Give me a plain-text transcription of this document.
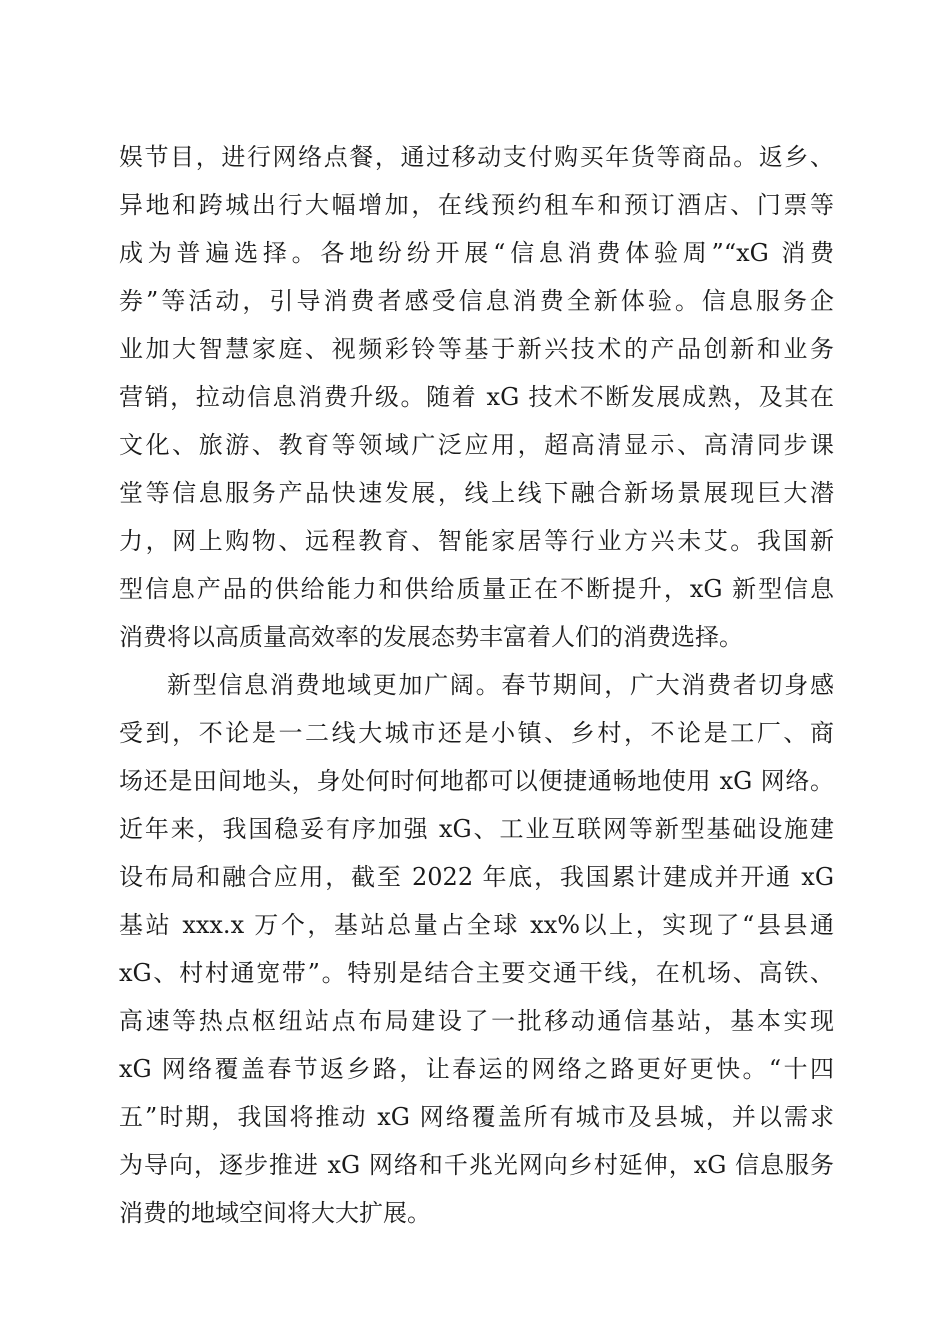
娱节目，进行网络点餐，通过移动支付购买年货等商品。返乡、
异地和跨城出行大幅增加，在线预约租车和预订酒店、门票等
成为普遍选择。各地纷纷开展“信息消费体验周”“xG 消费
券”等活动，引导消费者感受信息消费全新体验。信息服务企
业加大智慧家庭、视频彩铃等基于新兴技术的产品创新和业务
营销，拉动信息消费升级。随着 xG 技术不断发展成熟，及其在
文化、旅游、教育等领域广泛应用，超高清显示、高清同步课
堂等信息服务产品快速发展，线上线下融合新场景展现巨大潜
力，网上购物、远程教育、智能家居等行业方兴未艾。我国新
型信息产品的供给能力和供给质量正在不断提升，xG 新型信息
消费将以高质量高效率的发展态势丰富着人们的消费选择。
新型信息消费地域更加广阔。春节期间，广大消费者切身感
受到，不论是一二线大城市还是小镇、乡村，不论是工厂、商
场还是田间地头，身处何时何地都可以便捷通畅地使用 xG 网络。
近年来，我国稳妥有序加强 xG、工业互联网等新型基础设施建
设布局和融合应用，截至 2022 年底，我国累计建成并开通 xG
基站 xxx.x 万个，基站总量占全球 xx%以上，实现了“县县通
xG、村村通宽带”。特别是结合主要交通干线，在机场、高铁、
高速等热点枢纽站点布局建设了一批移动通信基站，基本实现
xG 网络覆盖春节返乡路，让春运的网络之路更好更快。“十四
五”时期，我国将推动 xG 网络覆盖所有城市及县城，并以需求
为导向，逐步推进 xG 网络和千兆光网向乡村延伸，xG 信息服务
消费的地域空间将大大扩展。
